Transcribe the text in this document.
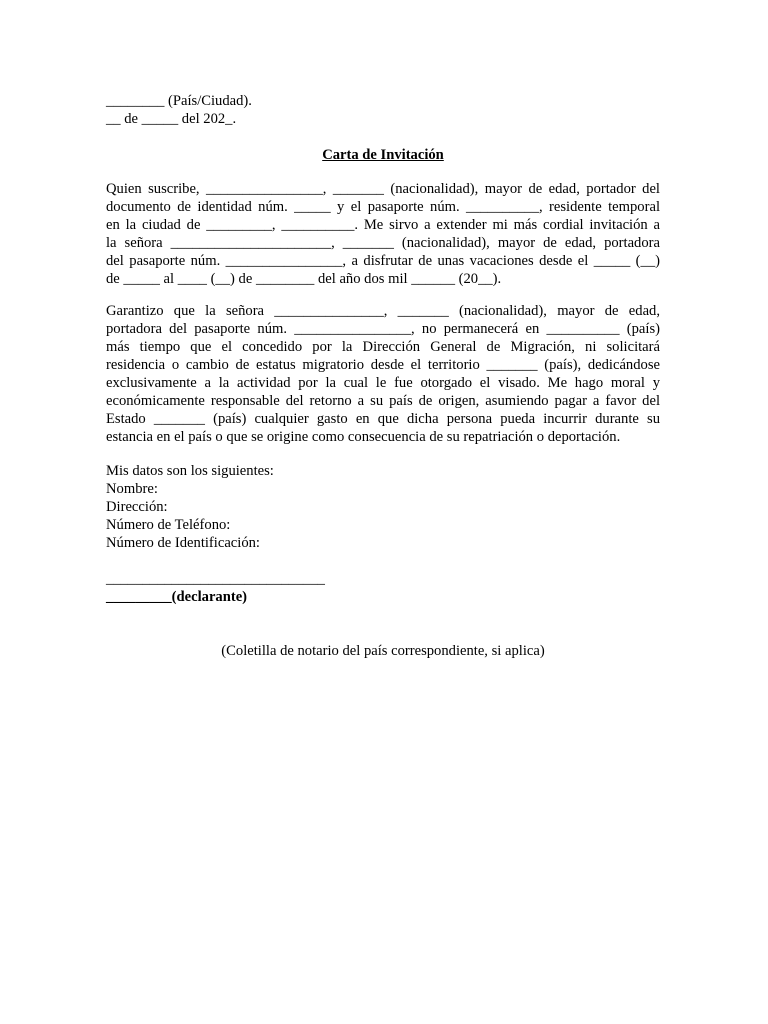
________ (País/Ciudad).
__ de _____ del 202_.
Carta de Invitación
Quien suscribe, ________________, _______ (nacionalidad), mayor de edad, portador del
documento de identidad núm. _____ y el pasaporte núm. __________, residente temporal
en la ciudad de _________, __________. Me sirvo a extender mi más cordial invitación a
la señora ______________________, _______ (nacionalidad), mayor de edad, portadora
del pasaporte núm. ________________, a disfrutar de unas vacaciones desde el _____ (__)
de _____ al ____ (__) de ________ del año dos mil ______ (20__).
Garantizo que la señora _______________, _______ (nacionalidad), mayor de edad,
portadora del pasaporte núm. ________________, no permanecerá en __________ (país)
más tiempo que el concedido por la Dirección General de Migración, ni solicitará
residencia o cambio de estatus migratorio desde el territorio _______ (país), dedicándose
exclusivamente a la actividad por la cual le fue otorgado el visado. Me hago moral y
económicamente responsable del retorno a su país de origen, asumiendo pagar a favor del
Estado _______ (país) cualquier gasto en que dicha persona pueda incurrir durante su
estancia en el país o que se origine como consecuencia de su repatriación o deportación.
Mis datos son los siguientes:
Nombre:
Dirección:
Número de Teléfono:
Número de Identificación:
______________________________
_________(declarante)
(Coletilla de notario del país correspondiente, si aplica)
